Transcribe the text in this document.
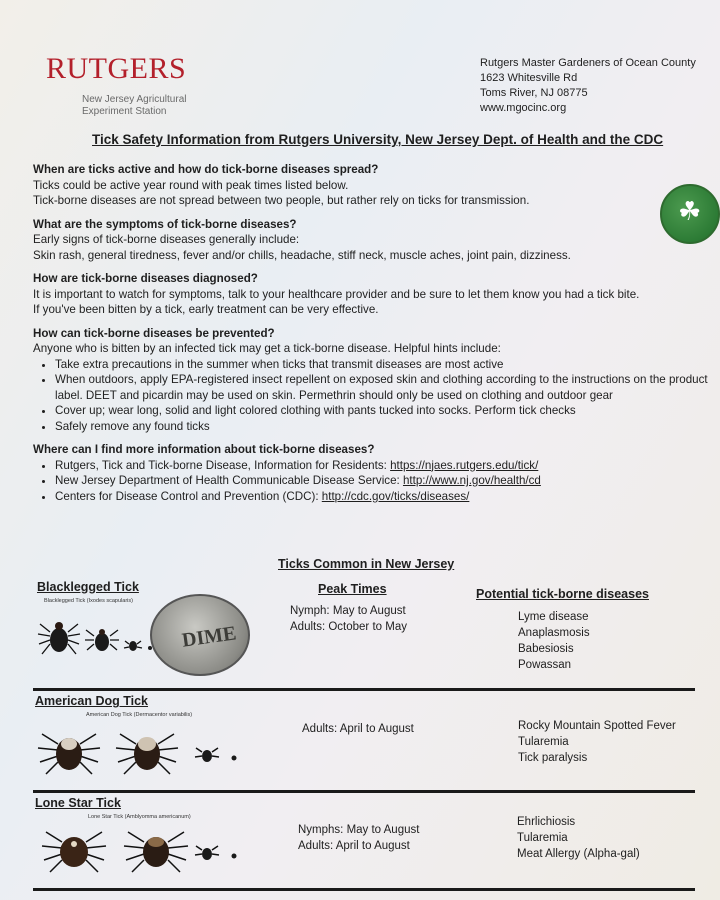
RUTGERS
New Jersey Agricultural
Experiment Station
Rutgers Master Gardeners of Ocean County
1623 Whitesville Rd
Toms River, NJ 08775
www.mgocinc.org
Tick Safety Information from Rutgers University, New Jersey Dept. of Health and the CDC
☘
When are ticks active and how do tick-borne diseases spread?

Ticks could be active year round with peak times listed below.

Tick-borne diseases are not spread between two people, but rather rely on ticks for transmission.

What are the symptoms of tick-borne diseases?

Early signs of tick-borne diseases generally include:

Skin rash, general tiredness, fever and/or chills, headache, stiff neck, muscle aches, joint pain, dizziness.

How are tick-borne diseases diagnosed?

It is important to watch for symptoms, talk to your healthcare provider and be sure to let them know you had a tick bite.

If you've been bitten by a tick, early treatment can be very effective.

How can tick-borne diseases be prevented?

Anyone who is bitten by an infected tick may get a tick-borne disease. Helpful hints include:

• Take extra precautions in the summer when ticks that transmit diseases are most active
• When outdoors, apply EPA-registered insect repellent on exposed skin and clothing according to the instructions on the product label. DEET and picardin may be used on skin. Permethrin should only be used on clothing and outdoor gear
• Cover up; wear long, solid and light colored clothing with pants tucked into socks. Perform tick checks
• Safely remove any found ticks
Where can I find more information about tick-borne diseases?
• Rutgers, Tick and Tick-borne Disease, Information for Residents: https://njaes.rutgers.edu/tick/
• New Jersey Department of Health Communicable Disease Service: http://www.nj.gov/health/cd
• Centers for Disease Control and Prevention (CDC): http://cdc.gov/ticks/diseases/
Ticks Common in New Jersey
Blacklegged Tick
Blacklegged Tick (Ixodes scapularis)
Peak Times	Potential tick-borne diseases
DIME
Nymph: May to August
Adults: October to May
Lyme disease
Anaplasmosis
Babesiosis
Powassan
American Dog Tick
American Dog Tick (Dermacentor variabilis)
Adults: April to August	Rocky Mountain Spotted Fever
Tularemia
Tick paralysis
Lone Star Tick
Lone Star Tick (Amblyomma americanum)
Nymphs: May to August
Adults: April to August
Ehrlichiosis
Tularemia
Meat Allergy (Alpha-gal)
